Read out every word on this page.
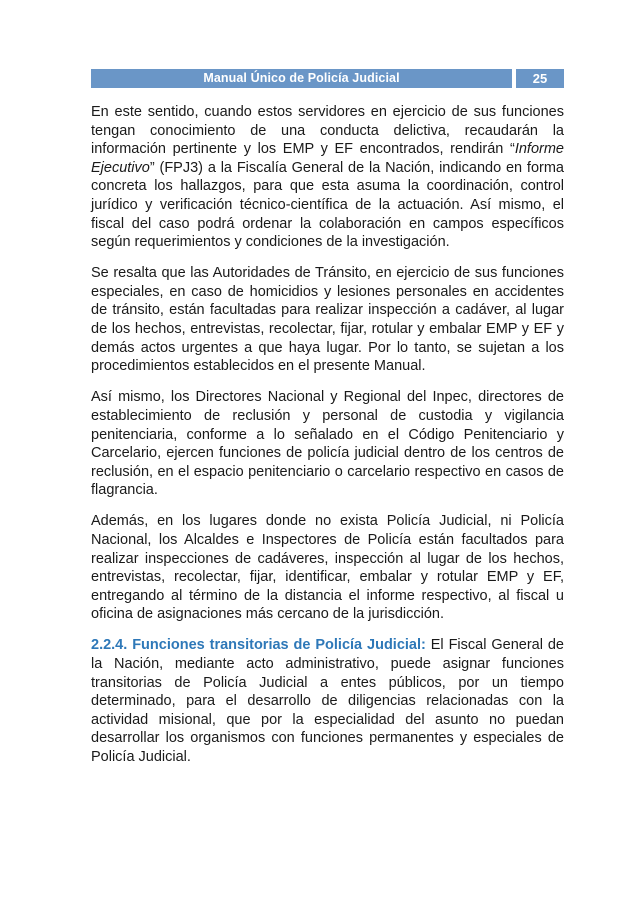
Manual Único de Policía Judicial	25

En este sentido, cuando estos servidores en ejercicio de sus funciones tengan conocimiento de una conducta delictiva, recaudarán la información pertinente y los EMP y EF encontrados, rendirán “Informe Ejecutivo” (FPJ3) a la Fiscalía General de la Nación, indicando en forma concreta los hallazgos, para que esta asuma la coordinación, control jurídico y verificación técnico-científica de la actuación. Así mismo, el fiscal del caso podrá ordenar la colaboración en campos específicos según requerimientos y condiciones de la investigación.

Se resalta que las Autoridades de Tránsito, en ejercicio de sus funciones especiales, en caso de homicidios y lesiones personales en accidentes de tránsito, están facultadas para realizar inspección a cadáver, al lugar de los hechos, entrevistas, recolectar, fijar, rotular y embalar EMP y EF y demás actos urgentes a que haya lugar. Por lo tanto, se sujetan a los procedimientos establecidos en el presente Manual.

Así mismo, los Directores Nacional y Regional del Inpec, directores de establecimiento de reclusión y personal de custodia y vigilancia penitenciaria, conforme a lo señalado en el Código Penitenciario y Carcelario, ejercen funciones de policía judicial dentro de los centros de reclusión, en el espacio penitenciario o carcelario respectivo en casos de flagrancia.

Además, en los lugares donde no exista Policía Judicial, ni Policía Nacional, los Alcaldes e Inspectores de Policía están facultados para realizar inspecciones de cadáveres, inspección al lugar de los hechos, entrevistas, recolectar, fijar, identificar, embalar y rotular EMP y EF, entregando al término de la distancia el informe respectivo, al fiscal u oficina de asignaciones más cercano de la jurisdicción.

2.2.4. Funciones transitorias de Policía Judicial: El Fiscal General de la Nación, mediante acto administrativo, puede asignar funciones transitorias de Policía Judicial a entes públicos, por un tiempo determinado, para el desarrollo de diligencias relacionadas con la actividad misional, que por la especialidad del asunto no puedan desarrollar los organismos con funciones permanentes y especiales de Policía Judicial.
